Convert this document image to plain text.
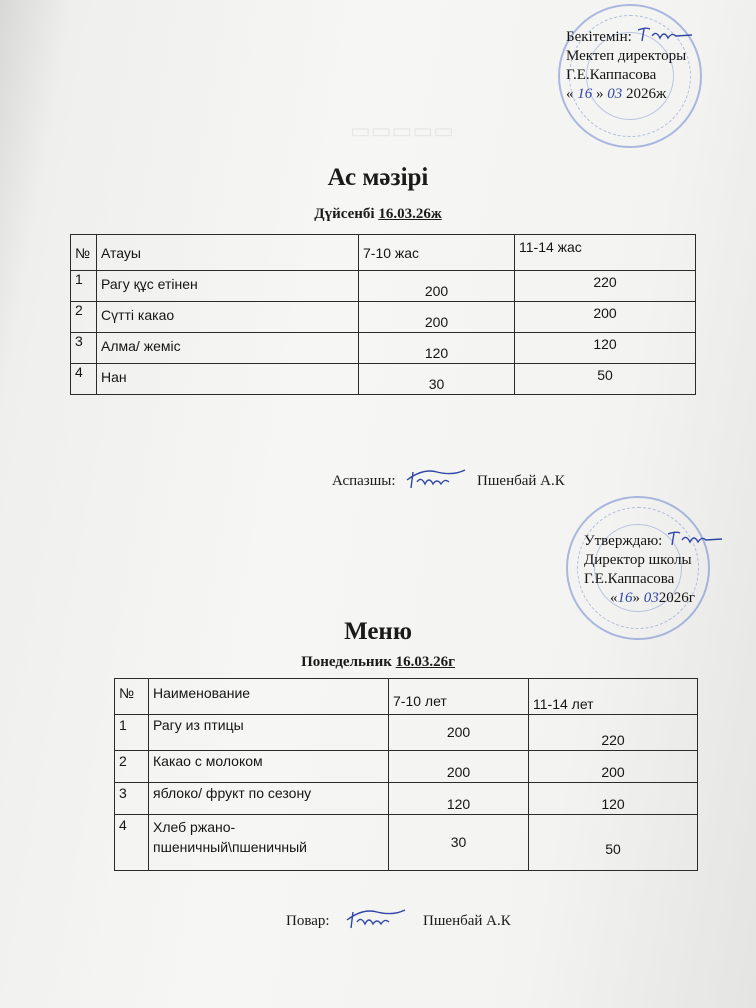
▭▭▭▭▭
Бекітемін:
Мектеп директоры
Г.Е.Каппасова
« 16 » 03 2026ж
Ас мәзірі
Дүйсенбі 16.03.26ж
№	Атауы	7-10 жас	11-14 жас
1	Рагу құс етінен	200	220
2	Сүтті какао	200	200
3	Алма/ жеміс	120	120
4	Нан	30	50
Аспазшы:	Пшенбай А.К
Утверждаю:
Директор школы
Г.Е.Каппасова
«16» 032026г
Меню
Понедельник 16.03.26г
№	Наименование	7-10 лет	11-14 лет
1	Рагу из птицы	200	220
2	Какао с молоком	200	200
3	яблоко/ фрукт по сезону	120	120
4	Хлеб ржано-пшеничный\пшеничный	30	50
Повар:	Пшенбай А.К
